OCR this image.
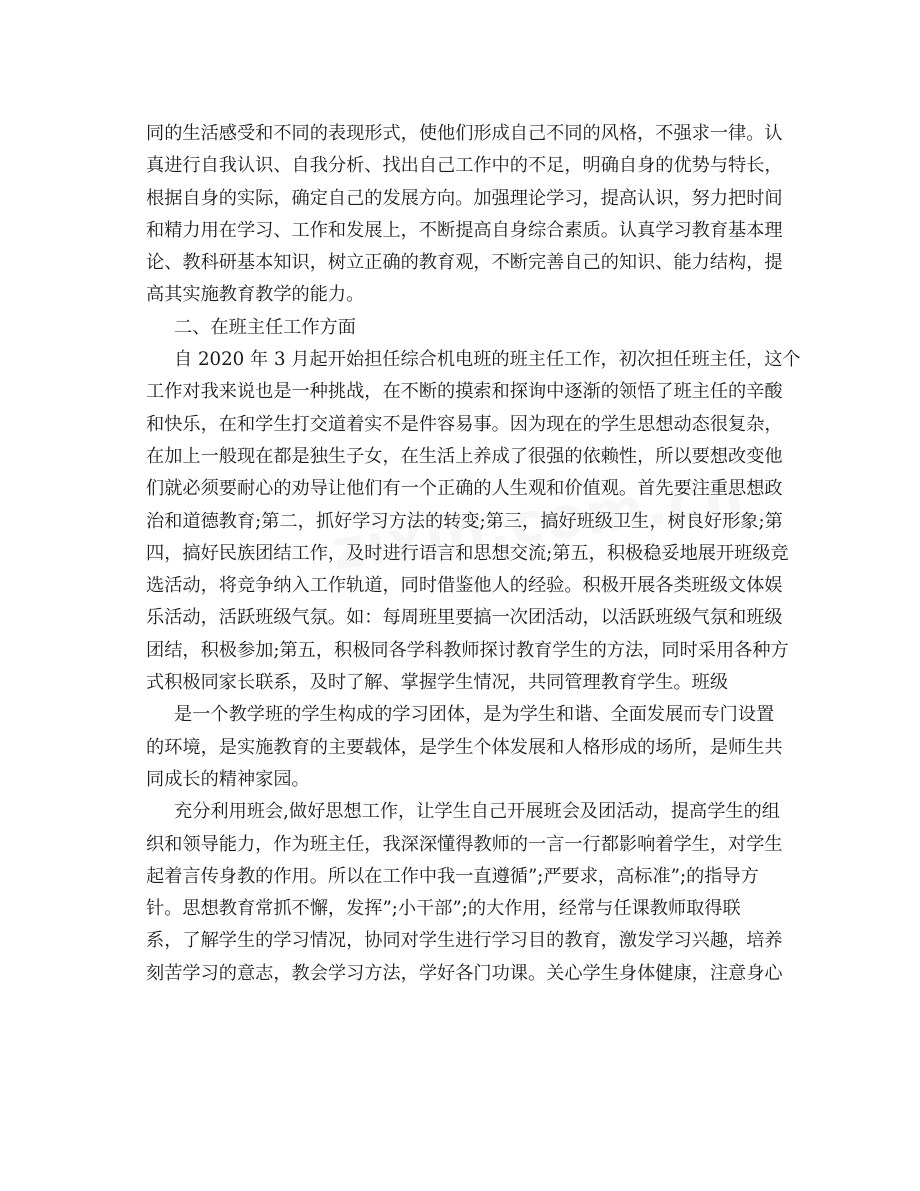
同的生活感受和不同的表现形式，使他们形成自己不同的风格，不强求一律。认
真进行自我认识、自我分析、找出自己工作中的不足，明确自身的优势与特长，
根据自身的实际，确定自己的发展方向。加强理论学习，提高认识，努力把时间
和精力用在学习、工作和发展上，不断提高自身综合素质。认真学习教育基本理
论、教科研基本知识，树立正确的教育观，不断完善自己的知识、能力结构，提
高其实施教育教学的能力。
二、在班主任工作方面
自 2020 年 3 月起开始担任综合机电班的班主任工作，初次担任班主任，这个
工作对我来说也是一种挑战，在不断的摸索和探询中逐渐的领悟了班主任的辛酸
和快乐，在和学生打交道着实不是件容易事。因为现在的学生思想动态很复杂，
在加上一般现在都是独生子女，在生活上养成了很强的依赖性，所以要想改变他
们就必须要耐心的劝导让他们有一个正确的人生观和价值观。首先要注重思想政
治和道德教育;第二，抓好学习方法的转变;第三，搞好班级卫生，树良好形象;第
四，搞好民族团结工作，及时进行语言和思想交流;第五，积极稳妥地展开班级竞
选活动，将竞争纳入工作轨道，同时借鉴他人的经验。积极开展各类班级文体娱
乐活动，活跃班级气氛。如：每周班里要搞一次团活动，以活跃班级气氛和班级
团结，积极参加;第五，积极同各学科教师探讨教育学生的方法，同时采用各种方
式积极同家长联系，及时了解、掌握学生情况，共同管理教育学生。班级
是一个教学班的学生构成的学习团体，是为学生和谐、全面发展而专门设置
的环境，是实施教育的主要载体，是学生个体发展和人格形成的场所，是师生共
同成长的精神家园。
充分利用班会,做好思想工作，让学生自己开展班会及团活动，提高学生的组
织和领导能力，作为班主任，我深深懂得教师的一言一行都影响着学生，对学生
起着言传身教的作用。所以在工作中我一直遵循”;严要求，高标准”;的指导方
针。思想教育常抓不懈，发挥”;小干部”;的大作用，经常与任课教师取得联
系，了解学生的学习情况，协同对学生进行学习目的教育，激发学习兴趣，培养
刻苦学习的意志，教会学习方法，学好各门功课。关心学生身体健康，注意身心
